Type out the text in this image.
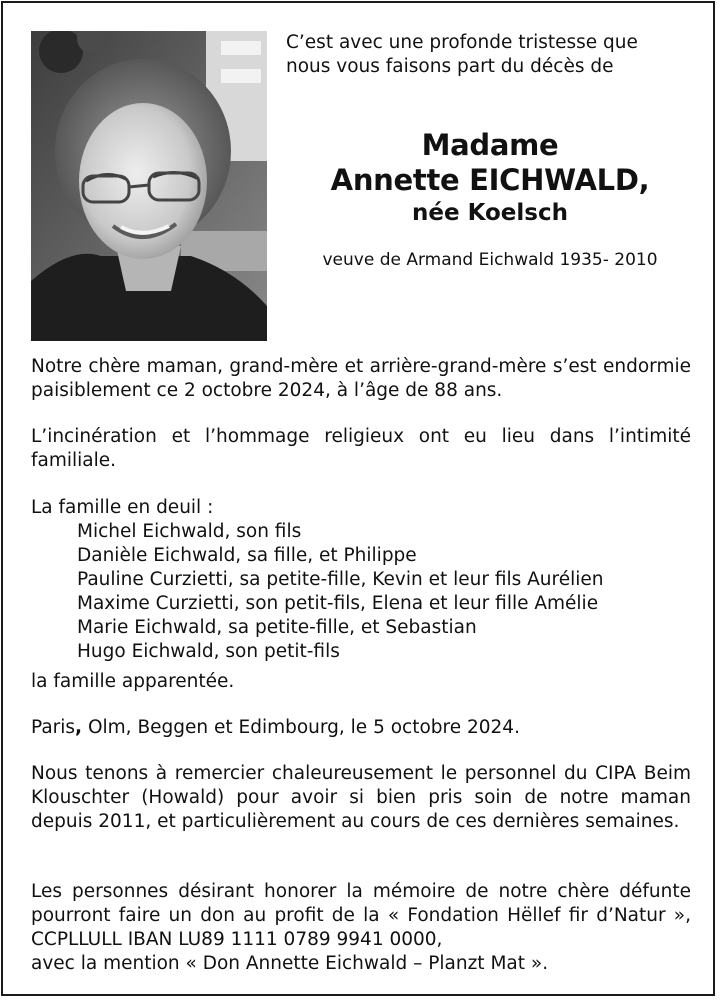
C’est avec une profonde tristesse que
nous vous faisons part du décès de
Madame
Annette EICHWALD,
née Koelsch
veuve de Armand Eichwald 1935- 2010
Notre chère maman, grand-mère et arrière-grand-mère s’est endormie paisiblement ce 2 octobre 2024, à l’âge de 88 ans.
L’incinération et l’hommage religieux ont eu lieu dans l’intimité familiale.
La famille en deuil :
Michel Eichwald, son fils
Danièle Eichwald, sa fille, et Philippe
Pauline Curzietti, sa petite-fille, Kevin et leur fils Aurélien
Maxime Curzietti, son petit-fils, Elena et leur fille Amélie
Marie Eichwald, sa petite-fille, et Sebastian
Hugo Eichwald, son petit-fils
la famille apparentée.
Paris, Olm, Beggen et Edimbourg, le 5 octobre 2024.
Nous tenons à remercier chaleureusement le personnel du CIPA Beim Klouschter (Howald) pour avoir si bien pris soin de notre maman depuis 2011, et particulièrement au cours de ces dernières semaines.
Les personnes désirant honorer la mémoire de notre chère défunte pourront faire un don au profit de la « Fondation Hëllef fir d’Natur », CCPLLULL IBAN LU89 1111 0789 9941 0000,
avec la mention « Don Annette Eichwald – Planzt Mat ».
